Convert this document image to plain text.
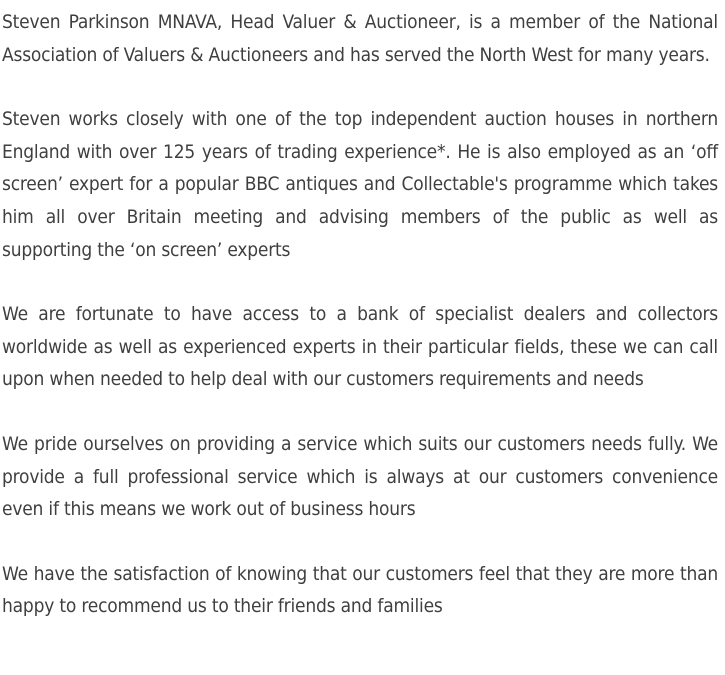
Steven Parkinson MNAVA, Head Valuer & Auctioneer, is a member of the National Association of Valuers & Auctioneers and has served the North West for many years.

Steven works closely with one of the top independent auction houses in northern England with over 125 years of trading experience*. He is also employed as an ‘off screen’ expert for a popular BBC antiques and Collectable's programme which takes him all over Britain meeting and advising members of the public as well as supporting the ‘on screen’ experts

We are fortunate to have access to a bank of specialist dealers and collectors worldwide as well as experienced experts in their particular fields, these we can call upon when needed to help deal with our customers requirements and needs

We pride ourselves on providing a service which suits our customers needs fully. We provide a full professional service which is always at our customers convenience even if this means we work out of business hours

We have the satisfaction of knowing that our customers feel that they are more than happy to recommend us to their friends and families
